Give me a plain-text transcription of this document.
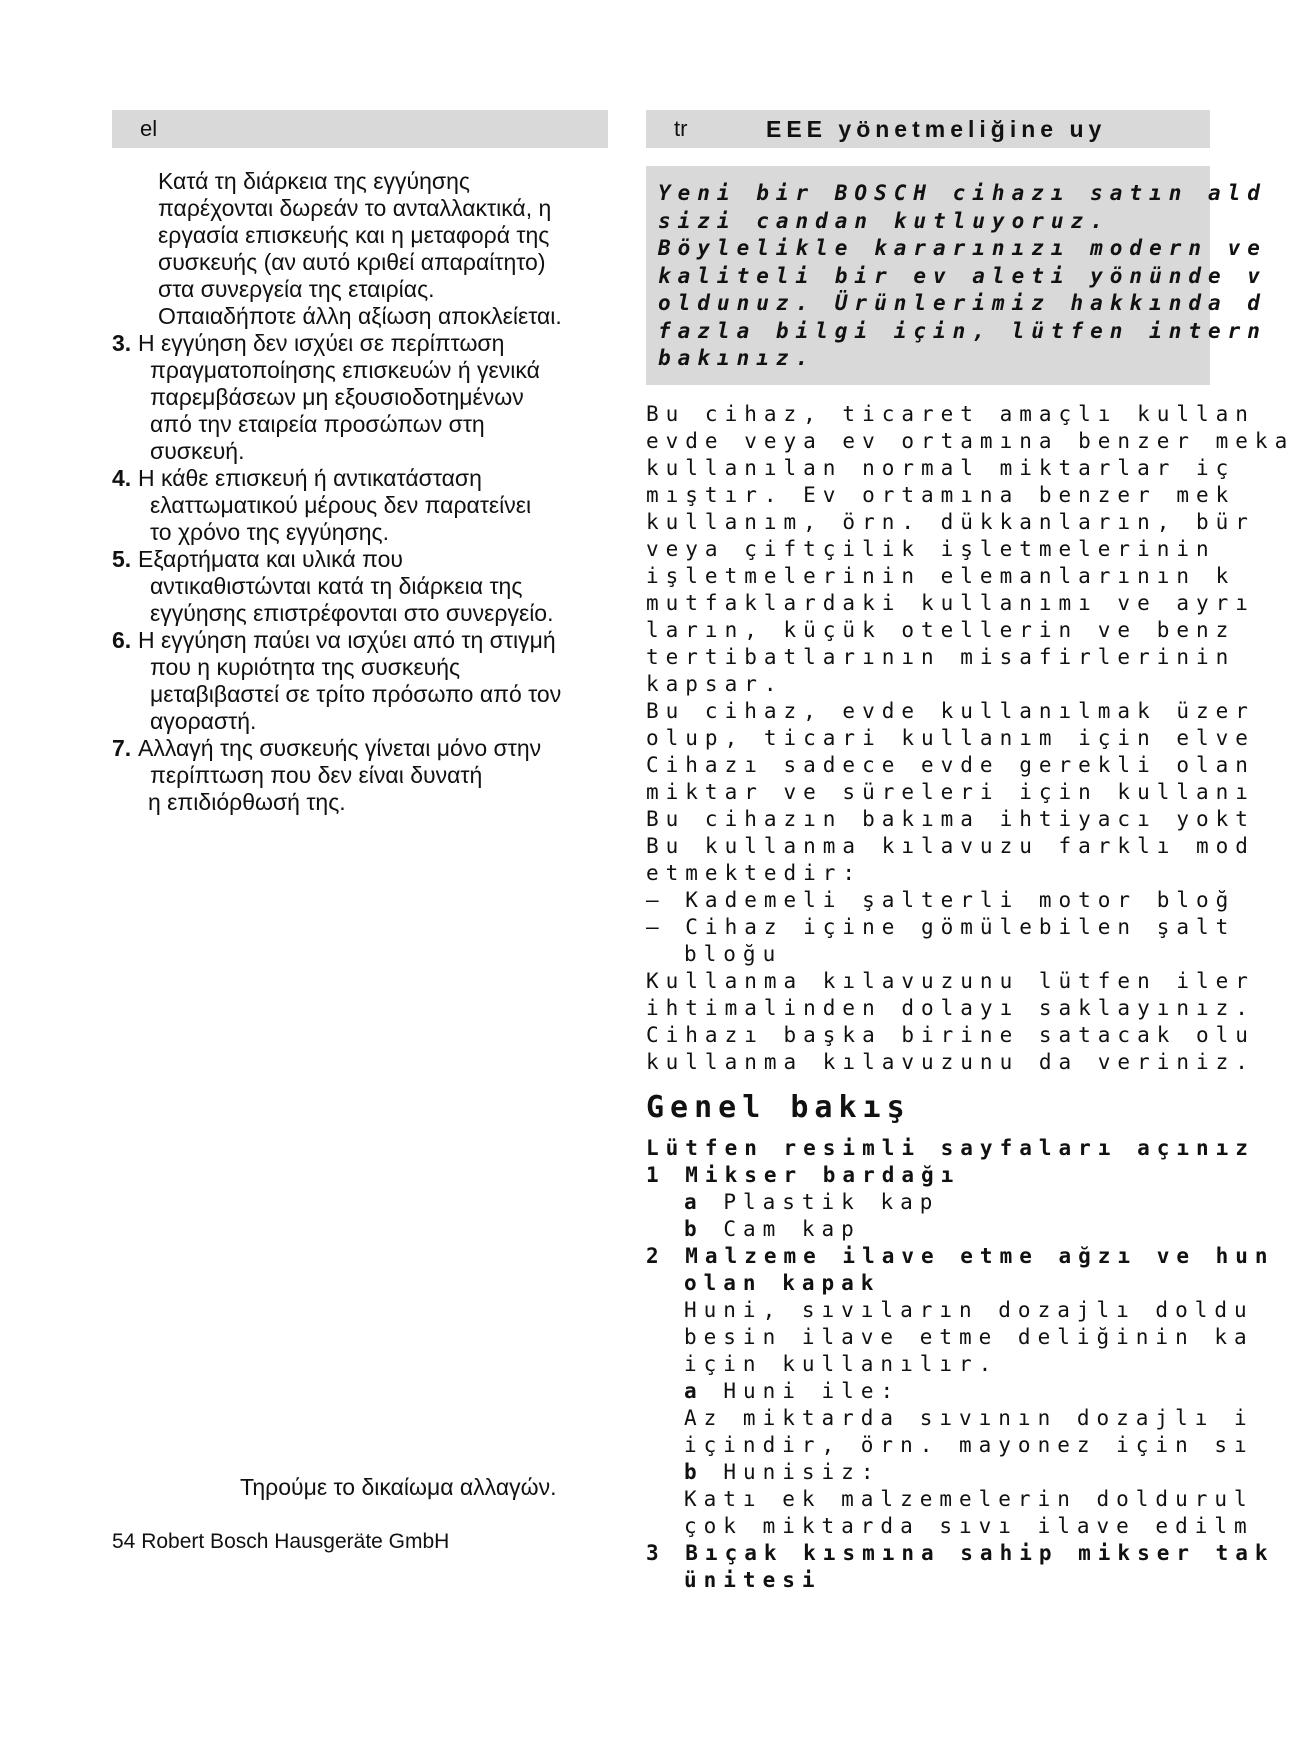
el
Κατά τη διάρκεια της εγγύησης
παρέχονται δωρεάν το ανταλλακτικά, η
εργασία επισκευής και η μεταφορά της
συσκευής (αν αυτό κριθεί απαραίτητο)
στα συνεργεία της εταιρίας.
Οπαιαδήποτε άλλη αξίωση αποκλείεται.
3. Η εγγύηση δεν ισχύει σε περίπτωση
πραγματοποίησης επισκευών ή γενικά
παρεμβάσεων μη εξουσιοδοτημένων
από την εταιρεία προσώπων στη
συσκευή.
4. Η κάθε επισκευή ή αντικατάσταση
ελαττωματικού μέρους δεν παρατείνει
το χρόνο της εγγύησης.
5. Εξαρτήματα και υλικά που
αντικαθιστώνται κατά τη διάρκεια της
εγγύησης επιστρέφονται στο συνεργείο.
6. Η εγγύηση παύει να ισχύει από τη στιγμή
που η κυριότητα της συσκευής
μεταβιβαστεί σε τρίτο πρόσωπο από τον
αγοραστή.
7. Αλλαγή της συσκευής γίνεται μόνο στην
περίπτωση που δεν είναι δυνατή
η επιδιόρθωσή της.
Τηρούμε το δικαίωμα αλλαγών.
54 Robert Bosch Hausgeräte GmbH
tr	EEE yönetmeliğine uy
Yeni bir BOSCH cihazı satın ald
sizi candan kutluyoruz.
Böylelikle kararınızı modern ve
kaliteli bir ev aleti yönünde v
oldunuz. Ürünlerimiz hakkında d
fazla bilgi için, lütfen intern
bakınız.
Bu cihaz, ticaret amaçlı kullan
evde veya ev ortamına benzer meka
kullanılan normal miktarlar iç
mıştır. Ev ortamına benzer mek
kullanım, örn. dükkanların, bür
veya çiftçilik işletmelerinin
işletmelerinin elemanlarının k
mutfaklardaki kullanımı ve ayrı
ların, küçük otellerin ve benz
tertibatlarının misafirlerinin
kapsar.
Bu cihaz, evde kullanılmak üzer
olup, ticari kullanım için elve
Cihazı sadece evde gerekli olan
miktar ve süreleri için kullanı
Bu cihazın bakıma ihtiyacı yokt
Bu kullanma kılavuzu farklı mod
etmektedir:
– Kademeli şalterli motor bloğ
– Cihaz içine gömülebilen şalt
bloğu
Kullanma kılavuzunu lütfen iler
ihtimalinden dolayı saklayınız.
Cihazı başka birine satacak olu
kullanma kılavuzunu da veriniz.
Genel bakış
Lütfen resimli sayfaları açınız
1 Mikser bardağı
a Plastik kap
b Cam kap
2 Malzeme ilave etme ağzı ve hun
olan kapak
Huni, sıvıların dozajlı doldu
besin ilave etme deliğinin ka
için kullanılır.
a Huni ile:
Az miktarda sıvının dozajlı i
içindir, örn. mayonez için sı
b Hunisiz:
Katı ek malzemelerin doldurul
çok miktarda sıvı ilave edilm
3 Bıçak kısmına sahip mikser tak
ünitesi
